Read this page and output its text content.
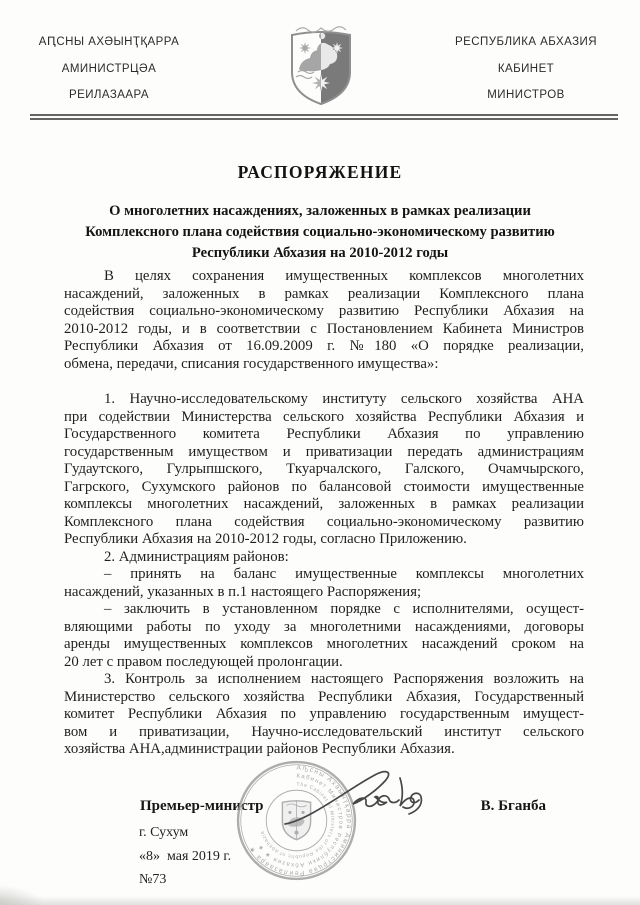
АԤСНЫ АХӘЫНҬҚАРРА
АМИНИСТРЦӘА
РЕИЛАЗААРА
РЕСПУБЛИКА АБХАЗИЯ
КАБИНЕТ
МИНИСТРОВ
РАСПОРЯЖЕНИЕ
О многолетних насаждениях, заложенных в рамках реализации
Комплексного плана содействия социально-экономическому развитию
Республики Абхазия на 2010-2012 годы
В целях сохранения имущественных комплексов многолетних
насаждений, заложенных в рамках реализации Комплексного плана
содействия социально-экономическому развитию Республики Абхазия на
2010-2012 годы, и в соответствии с Постановлением Кабинета Министров
Республики Абхазия от 16.09.2009 г. №180 «О порядке реализации,
обмена, передачи, списания государственного имущества»:
1. Научно-исследовательскому институту сельского хозяйства АНА
при содействии Министерства сельского хозяйства Республики Абхазия и
Государственного комитета Республики Абхазия по управлению
государственным имуществом и приватизации передать администрациям
Гудаутского, Гулрыпшского, Ткуарчалского, Галского, Очамчырского,
Гагрского, Сухумского районов по балансовой стоимости имущественные
комплексы многолетних насаждений, заложенных в рамках реализации
Комплексного плана содействия социально-экономическому развитию
Республики Абхазия на 2010-2012 годы, согласно Приложению.
2. Администрациям районов:
– принять на баланс имущественные комплексы многолетних
насаждений, указанных в п.1 настоящего Распоряжения;
– заключить в установленном порядке с исполнителями, осущест-
вляющими работы по уходу за многолетними насаждениями, договоры
аренды имущественных комплексов многолетних насаждений сроком на
20 лет с правом последующей пролонгации.
3. Контроль за исполнением настоящего Распоряжения возложить на
Министерство сельского хозяйства Республики Абхазия, Государственный
комитет Республики Абхазия по управлению государственным имущест-
вом и приватизации, Научно-исследовательский институт сельского
хозяйства АНА,администрации районов Республики Абхазия.
Премьер-министр	В. Бганба
г. Сухум
«8»  мая 2019 г.
№73
Аҧсны Ахәынҭқарра Аминистрцәа Реилазаара ★
Кабинет Министров Республики Абхазия ★ ★
The Cabinet of Ministers of the Republic of Abkhazia
